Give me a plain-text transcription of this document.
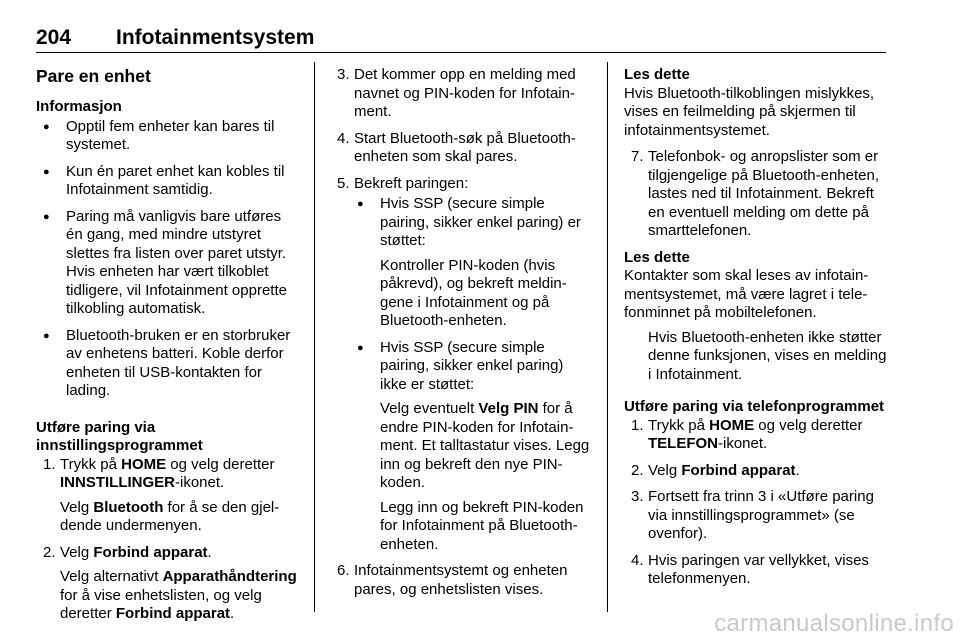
204 Infotainmentsystem
Pare en enhet
Informasjon
● Opptil fem enheter kan bares til systemet.
● Kun én paret enhet kan kobles til Infotainment samtidig.
● Paring må vanligvis bare utføres én gang, med mindre utstyret slettes fra listen over paret utstyr. Hvis enheten har vært tilkoblet tidligere, vil Infotainment opprette tilkobling automatisk.
● Bluetooth-bruken er en storbruker av enhetens batteri. Koble derfor enheten til USB-kontakten for lading.
Utføre paring via innstillingsprogrammet
1. Trykk på HOME og velg deretter INNSTILLINGER-ikonet.
Velg Bluetooth for å se den gjeldende undermenyen.
2. Velg Forbind apparat.
Velg alternativt Apparathåndtering for å vise enhetslisten, og velg deretter Forbind apparat.
3. Det kommer opp en melding med navnet og PIN-koden for Infotainment.
4. Start Bluetooth-søk på Bluetooth-enheten som skal pares.
5. Bekreft paringen:
● Hvis SSP (secure simple pairing, sikker enkel paring) er støttet:
Kontroller PIN-koden (hvis påkrevd), og bekreft meldingene i Infotainment og på Bluetooth-enheten.
● Hvis SSP (secure simple pairing, sikker enkel paring) ikke er støttet:
Velg eventuelt Velg PIN for å endre PIN-koden for Infotainment. Et talltastatur vises. Legg inn og bekreft den nye PIN-koden.
Legg inn og bekreft PIN-koden for Infotainment på Bluetooth-enheten.
6. Infotainmentsystemt og enheten pares, og enhetslisten vises.
Les dette
Hvis Bluetooth-tilkoblingen mislykkes, vises en feilmelding på skjermen til infotainmentsystemet.
7. Telefonbok- og anropslister som er tilgjengelige på Bluetooth-enheten, lastes ned til Infotainment. Bekreft en eventuell melding om dette på smarttelefonen.
Les dette
Kontakter som skal leses av infotainmentsystemet, må være lagret i telefonminnet på mobiltelefonen.
Hvis Bluetooth-enheten ikke støtter denne funksjonen, vises en melding i Infotainment.
Utføre paring via telefonprogrammet
1. Trykk på HOME og velg deretter TELEFON-ikonet.
2. Velg Forbind apparat.
3. Fortsett fra trinn 3 i «Utføre paring via innstillingsprogrammet» (se ovenfor).
4. Hvis paringen var vellykket, vises telefonmenyen.
carmanualsonline.info
